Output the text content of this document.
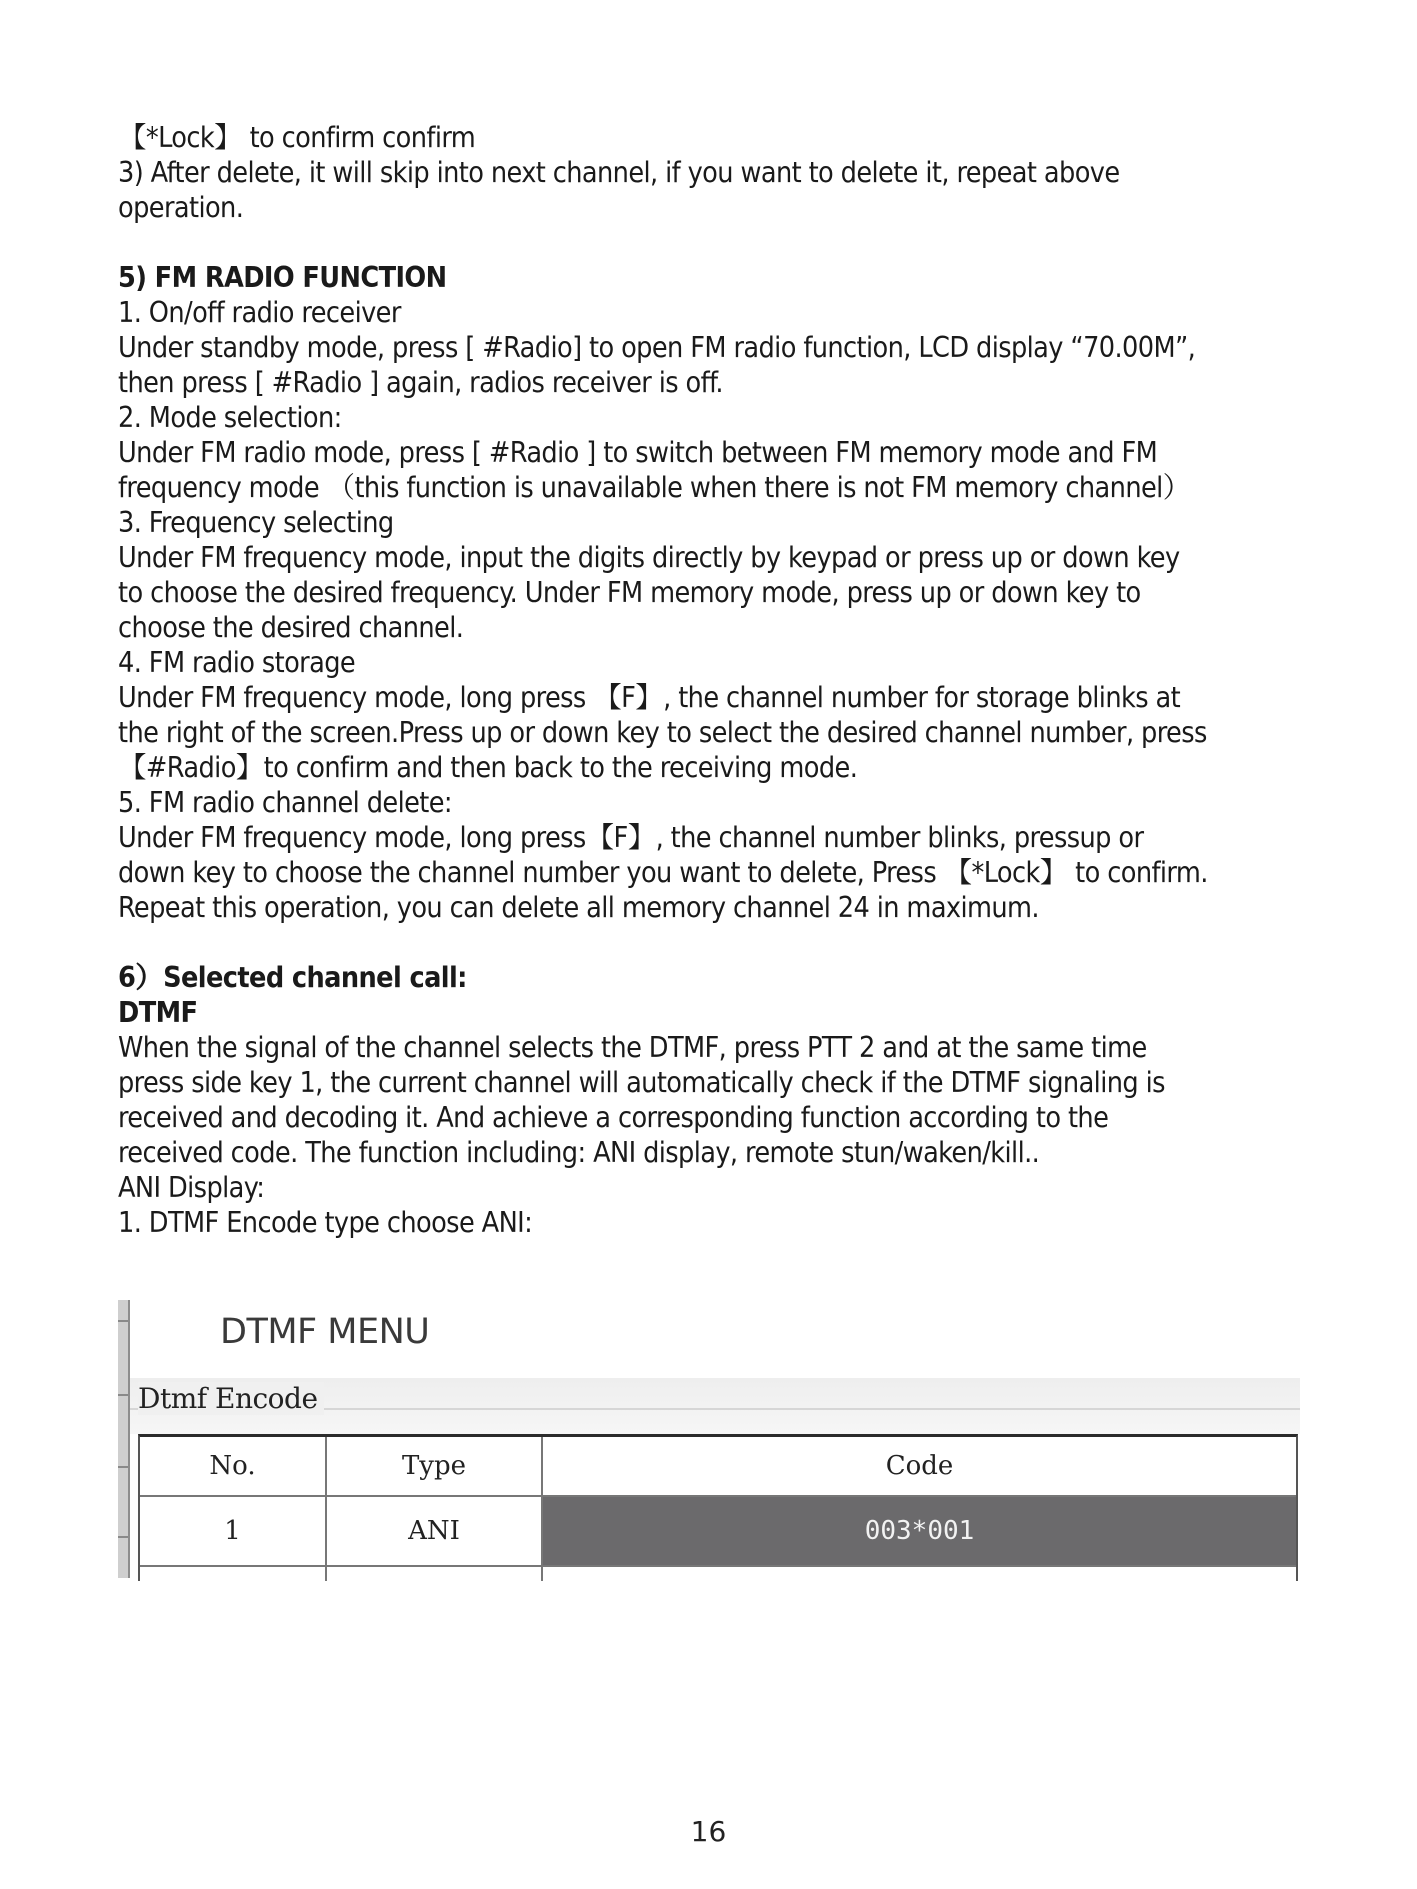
【*Lock】 to confirm confirm

3) After delete, it will skip into next channel, if you want to delete it, repeat above

operation.

5) FM RADIO FUNCTION

1. On/off radio receiver

Under standby mode, press [ #Radio] to open FM radio function, LCD display “70.00M”,

then press [ #Radio ] again, radios receiver is off.

2. Mode selection:

Under FM radio mode, press [ #Radio ] to switch between FM memory mode and FM

frequency mode （this function is unavailable when there is not FM memory channel）

3. Frequency selecting

Under FM frequency mode, input the digits directly by keypad or press up or down key

to choose the desired frequency. Under FM memory mode, press up or down key to

choose the desired channel.

4. FM radio storage

Under FM frequency mode, long press 【F】, the channel number for storage blinks at

the right of the screen.Press up or down key to select the desired channel number, press

【#Radio】to confirm and then back to the receiving mode.

5. FM radio channel delete:

Under FM frequency mode, long press【F】, the channel number blinks, pressup or

down key to choose the channel number you want to delete, Press 【*Lock】 to confirm.

Repeat this operation, you can delete all memory channel 24 in maximum.

6）Selected channel call:

DTMF

When the signal of the channel selects the DTMF, press PTT 2 and at the same time

press side key 1, the current channel will automatically check if the DTMF signaling is

received and decoding it. And achieve a corresponding function according to the

received code. The function including: ANI display, remote stun/waken/kill..

ANI Display:

1. DTMF Encode type choose ANI:

DTMF MENU
Dtmf Encode
No.	Type	Code
1	ANI	003*001
16
